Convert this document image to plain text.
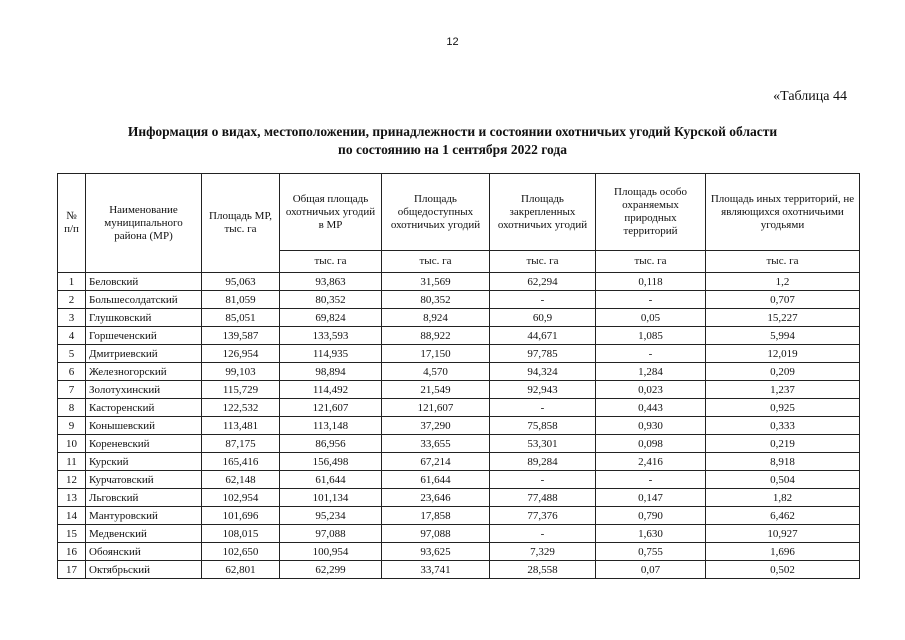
12
«Таблица 44
Информация о видах, местоположении, принадлежности и состоянии охотничьих угодий Курской области
по состоянию на 1 сентября 2022 года
№ п/п	Наименование муниципального района (МР)	Площадь МР, тыс. га	Общая площадь охотничьих угодий в МР	Площадь общедоступных охотничьих угодий	Площадь закрепленных охотничьих угодий	Площадь особо охраняемых природных территорий	Площадь иных территорий, не являющихся охотничьими угодьями
			тыс. га	тыс. га	тыс. га	тыс. га	тыс. га
1	Беловский	95,063	93,863	31,569	62,294	0,118	1,2
2	Большесолдатский	81,059	80,352	80,352	-	-	0,707
3	Глушковский	85,051	69,824	8,924	60,9	0,05	15,227
4	Горшеченский	139,587	133,593	88,922	44,671	1,085	5,994
5	Дмитриевский	126,954	114,935	17,150	97,785	-	12,019
6	Железногорский	99,103	98,894	4,570	94,324	1,284	0,209
7	Золотухинский	115,729	114,492	21,549	92,943	0,023	1,237
8	Касторенский	122,532	121,607	121,607	-	0,443	0,925
9	Конышевский	113,481	113,148	37,290	75,858	0,930	0,333
10	Кореневский	87,175	86,956	33,655	53,301	0,098	0,219
11	Курский	165,416	156,498	67,214	89,284	2,416	8,918
12	Курчатовский	62,148	61,644	61,644	-	-	0,504
13	Льговский	102,954	101,134	23,646	77,488	0,147	1,82
14	Мантуровский	101,696	95,234	17,858	77,376	0,790	6,462
15	Медвенский	108,015	97,088	97,088	-	1,630	10,927
16	Обоянский	102,650	100,954	93,625	7,329	0,755	1,696
17	Октябрьский	62,801	62,299	33,741	28,558	0,07	0,502
